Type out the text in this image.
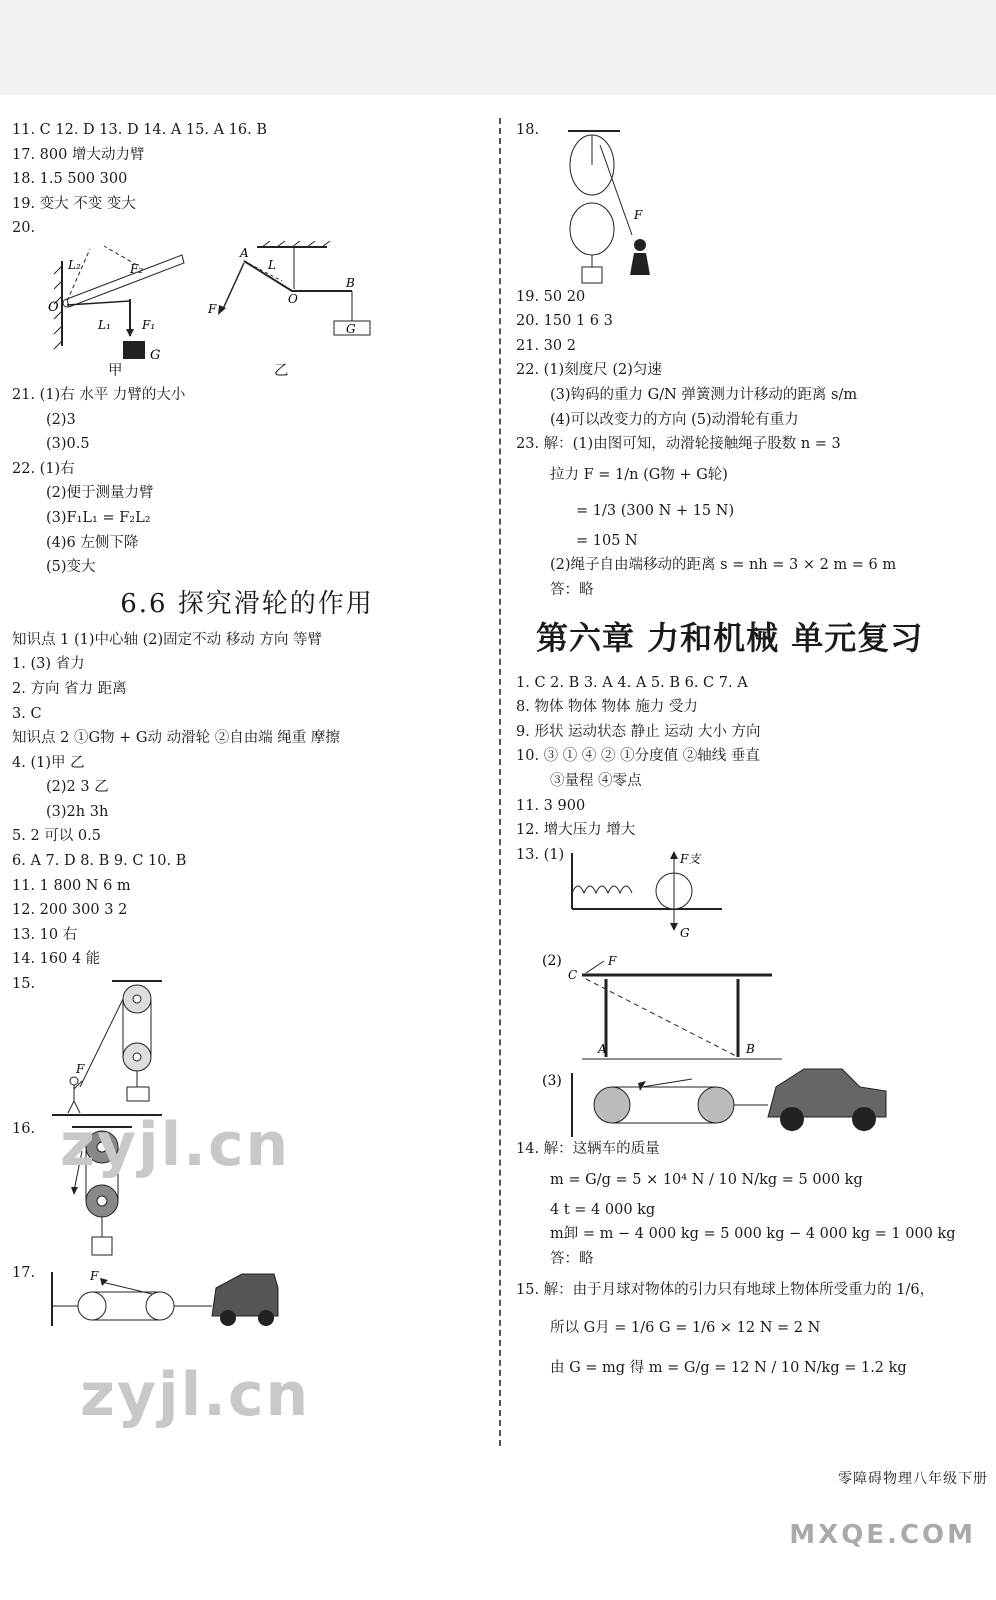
11. C 12. D 13. D 14. A 15. A 16. B
17. 800 增大动力臂
18. 1.5 500 300
19. 变大 不变 变大
20.
O
L₂	F₂
F₁
L₁
G
A
L
O
B
G
F
甲	乙
21. (1)右 水平 力臂的大小
(2)3
(3)0.5
22. (1)右
(2)便于测量力臂
(3)F₁L₁ = F₂L₂
(4)6 左侧下降
(5)变大
6.6 探究滑轮的作用
知识点 1 (1)中心轴 (2)固定不动 移动 方向 等臂
1. (3) 省力
2. 方向 省力 距离
3. C
知识点 2 ①G物 + G动 动滑轮 ②自由端 绳重 摩擦
4. (1)甲 乙
(2)2 3 乙
(3)2h 3h
5. 2 可以 0.5
6. A 7. D 8. B 9. C 10. B
11. 1 800 N 6 m
12. 200 300 3 2
13. 10 右
14. 160 4 能
15.
F
16.
17.	F
zyjl.cn
zyjl.cn
18.
F
19. 50 20
20. 150 1 6 3
21. 30 2
22. (1)刻度尺 (2)匀速
(3)钩码的重力 G/N 弹簧测力计移动的距离 s/m
(4)可以改变力的方向 (5)动滑轮有重力
23. 解：(1)由图可知，动滑轮接触绳子股数 n = 3
拉力 F = 1/n (G物 + G轮)
= 1/3 (300 N + 15 N)
= 105 N
(2)绳子自由端移动的距离 s = nh = 3 × 2 m = 6 m
答：略
第六章 力和机械 单元复习
1. C 2. B 3. A 4. A 5. B 6. C 7. A
8. 物体 物体 物体 施力 受力
9. 形状 运动状态 静止 运动 大小 方向
10. ③ ① ④ ② ①分度值 ②轴线 垂直
③量程 ④零点
11. 3 900
12. 增大压力 增大
13. (1)	F支
G
(2)
C
F
A	B
(3)
14. 解：这辆车的质量
m = G/g = 5 × 10⁴ N / 10 N/kg = 5 000 kg
4 t = 4 000 kg
m卸 = m − 4 000 kg = 5 000 kg − 4 000 kg = 1 000 kg
答：略
15. 解：由于月球对物体的引力只有地球上物体所受重力的 1/6，
所以 G月 = 1/6 G = 1/6 × 12 N = 2 N
由 G = mg 得 m = G/g = 12 N / 10 N/kg = 1.2 kg
零障碍物理八年级下册
MXQE.COM
